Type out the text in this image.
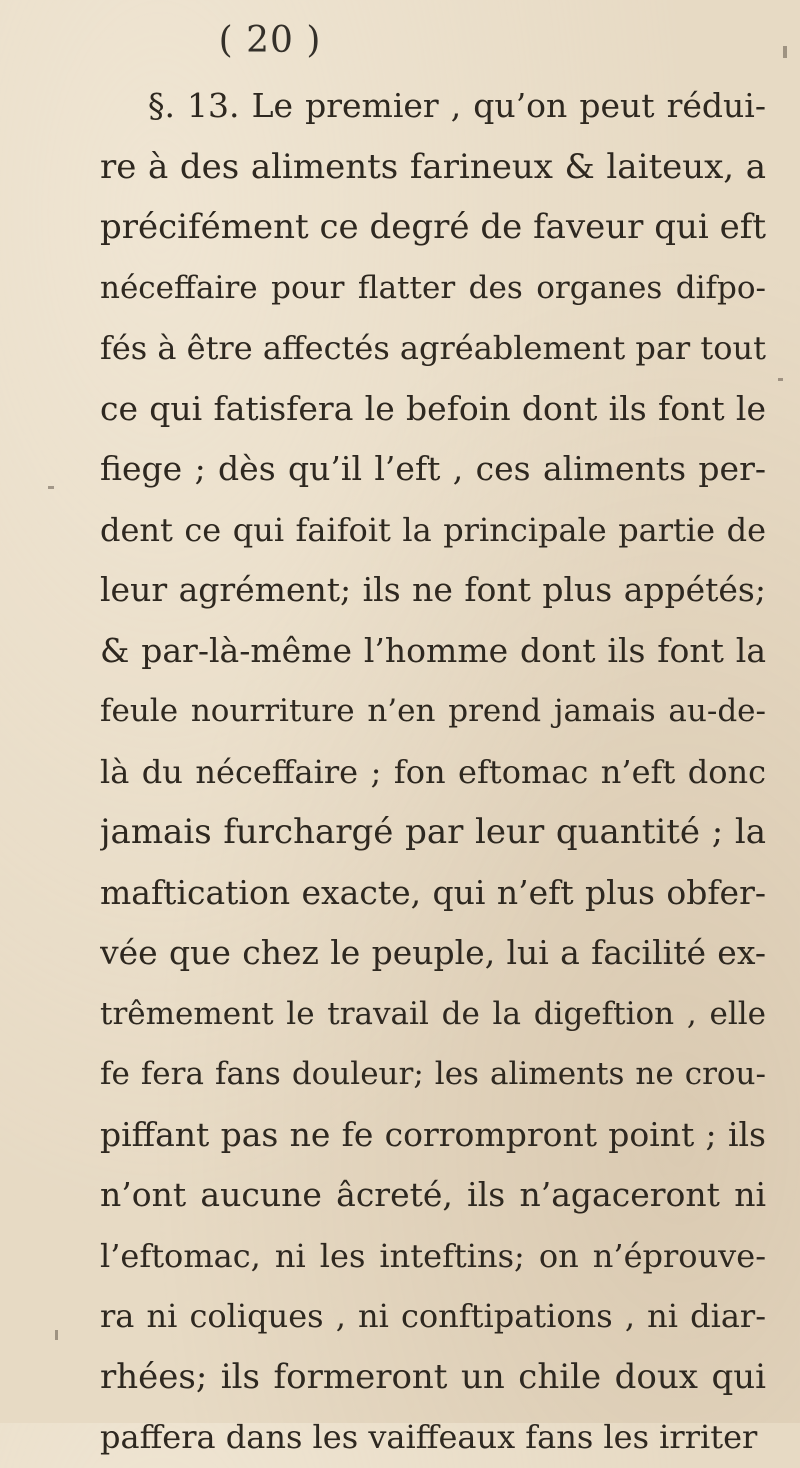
( 20 )
§. 13. Le premier , qu’on peut rédui-
re à des aliments farineux & laiteux, a
précifément ce degré de faveur qui eft
néceffaire pour flatter des organes difpo-
fés à être affectés agréablement par tout
ce qui fatisfera le befoin dont ils font le
fiege ; dès qu’il l’eft , ces aliments per-
dent ce qui faifoit la principale partie de
leur agrément; ils ne font plus appétés;
& par-là-même l’homme dont ils font la
feule nourriture n’en prend jamais au-de-
là du néceffaire ; fon eftomac n’eft donc
jamais furchargé par leur quantité ; la
maftication exacte, qui n’eft plus obfer-
vée que chez le peuple, lui a facilité ex-
trêmement le travail de la digeftion , elle
fe fera fans douleur; les aliments ne crou-
piffant pas ne fe corrompront point ; ils
n’ont aucune âcreté, ils n’agaceront ni
l’eftomac, ni les inteftins; on n’éprouve-
ra ni coliques , ni conftipations , ni diar-
rhées; ils formeront un chile doux qui
paffera dans les vaiffeaux fans les irriter
